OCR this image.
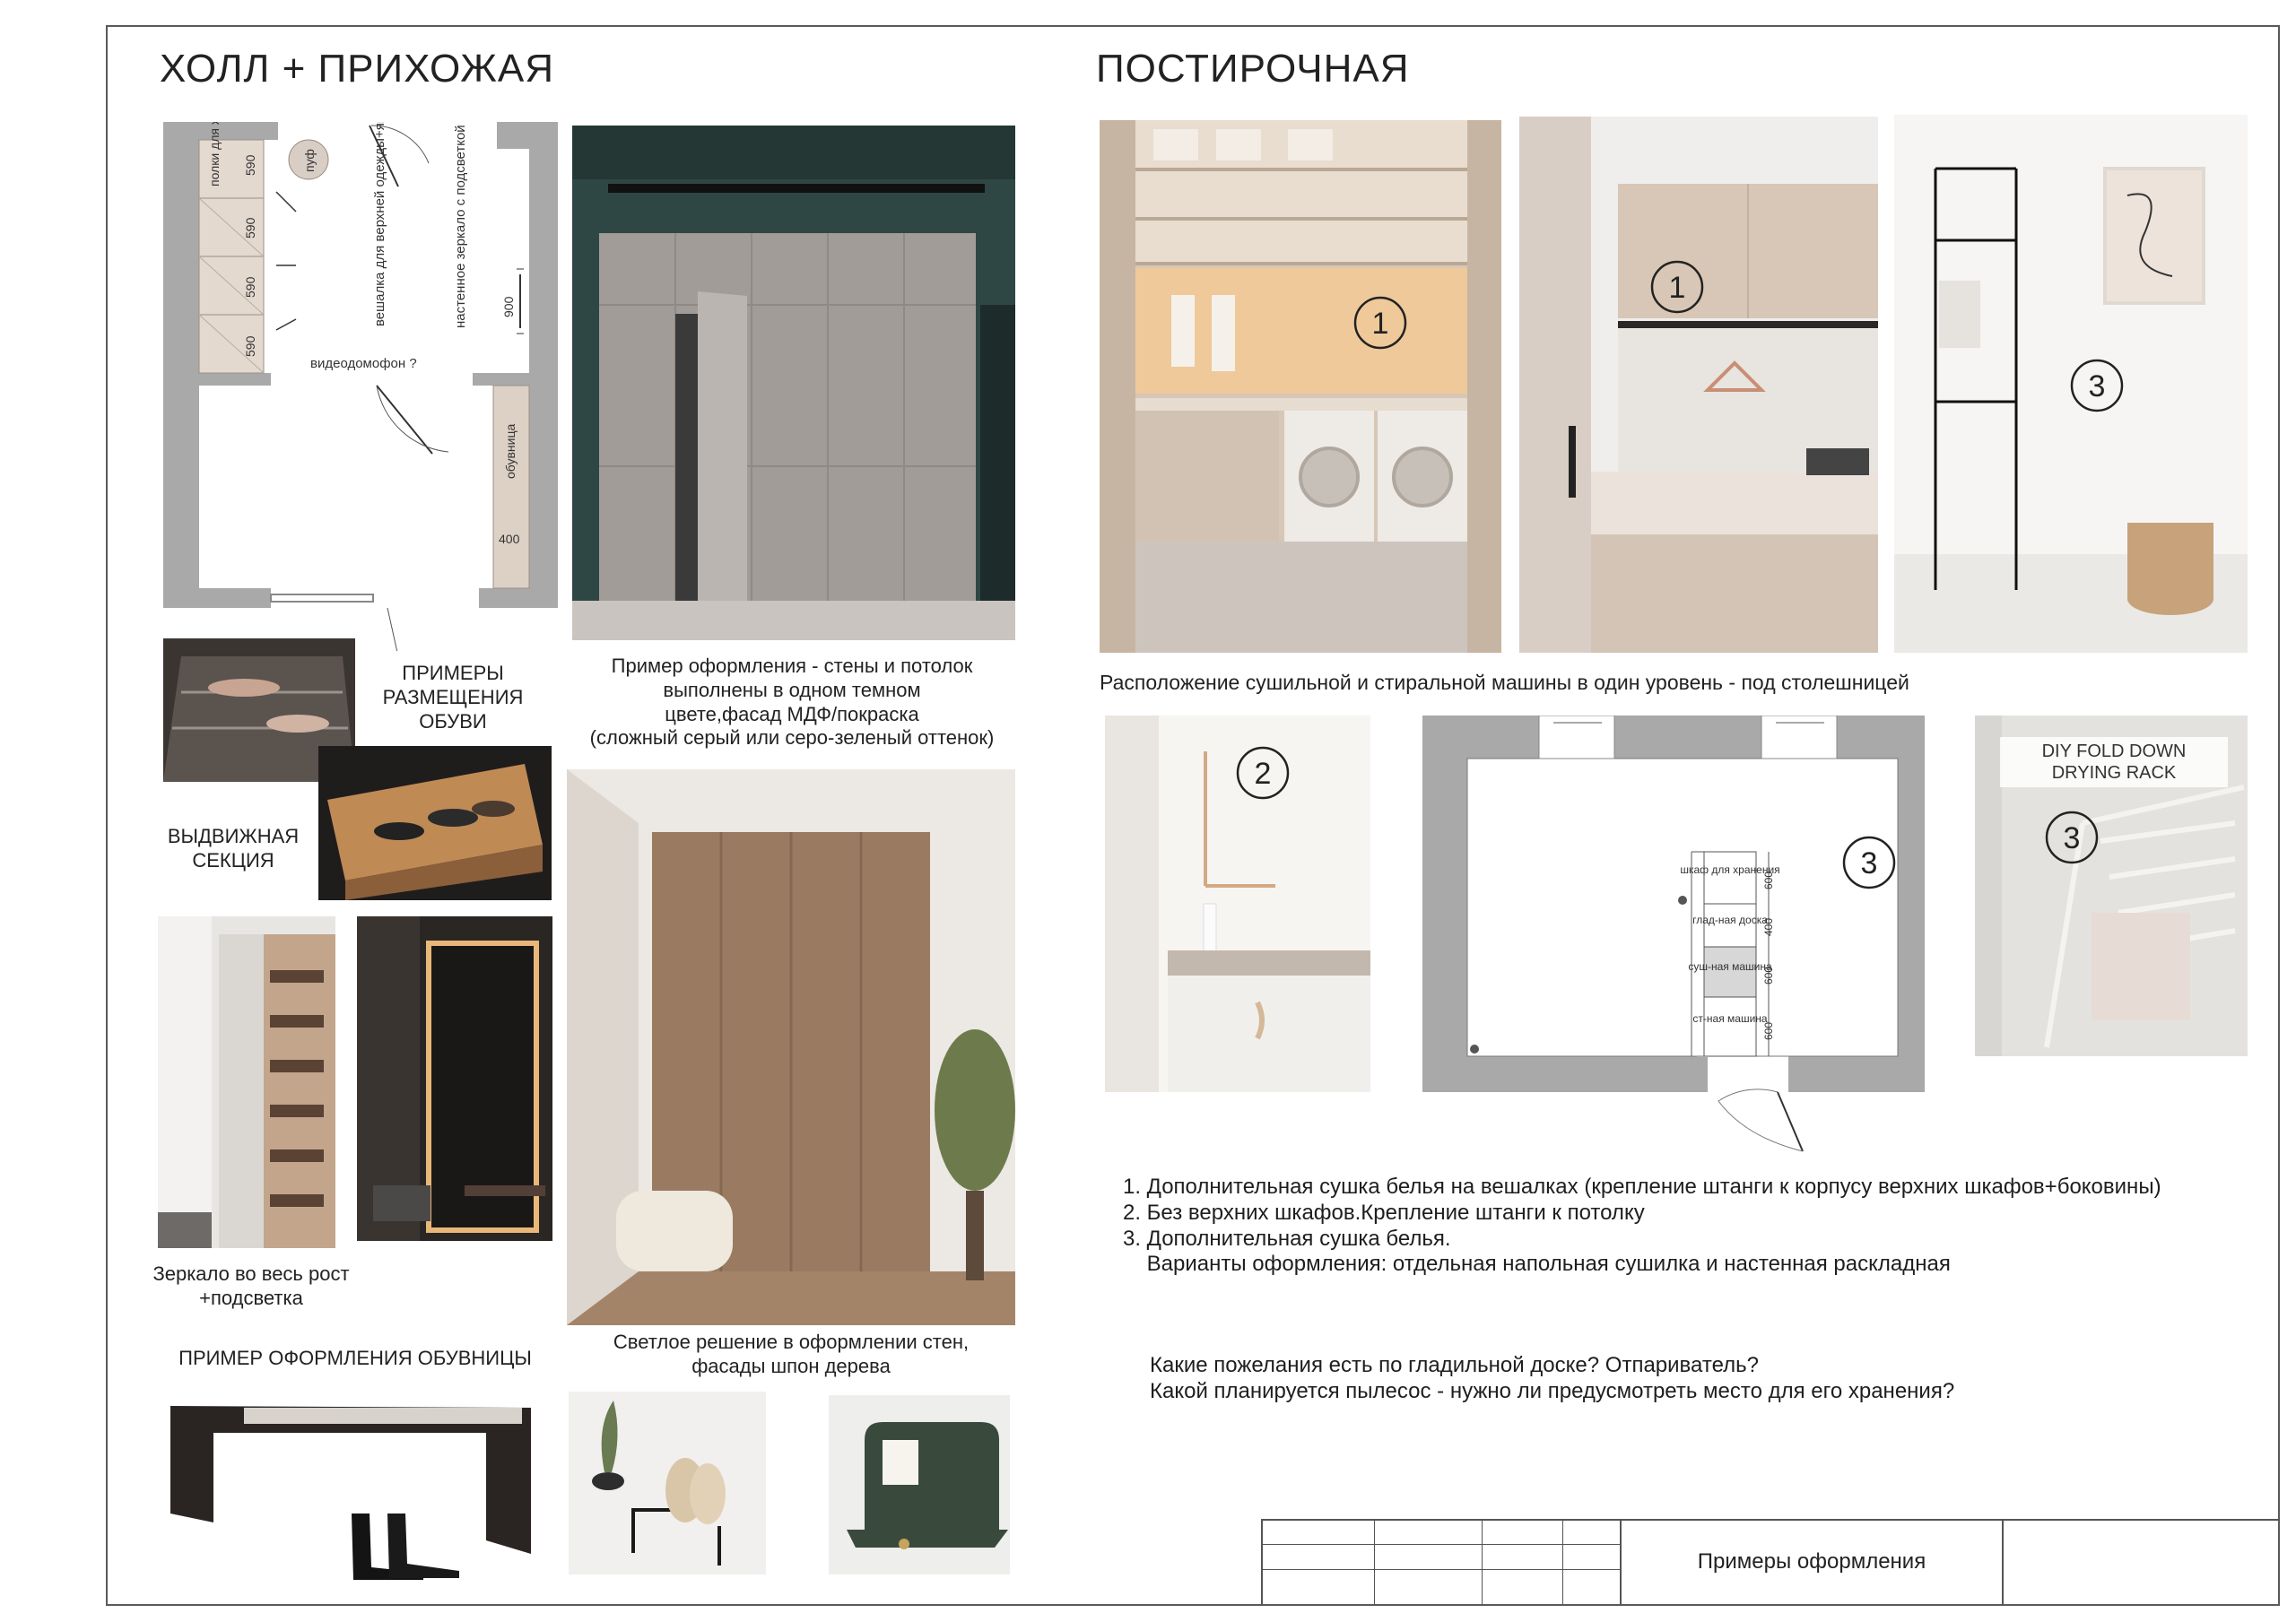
ХОЛЛ + ПРИХОЖАЯ
полки для хр.обуви	пуф
590
590
590
590
вешалка для верхней одежды+ящики	настенное зеркало с подсветкой	900
видеодомофон ?
обувница
400
ПРИМЕРЫ
РАЗМЕЩЕНИЯ
ОБУВИ
ВЫДВИЖНАЯ
СЕКЦИЯ
Пример оформления - стены и потолок
выполнены в одном темном
цвете,фасад МДФ/покраска
(сложный серый или серо-зеленый оттенок)
Зеркало во весь рост
+подсветка
Светлое решение в оформлении стен,
фасады шпон дерева
ПРИМЕР ОФОРМЛЕНИЯ ОБУВНИЦЫ
ПОСТИРОЧНАЯ
1
1
3
Расположение сушильной и стиральной машины в один уровень - под столешницей
2
шкаф для хранения
600
глад-ная доска
400
суш-ная машина
600
ст-ная машина
600
3
3
DIY FOLD DOWN
DRYING RACK
1. Дополнительная сушка белья на вешалках (крепление штанги к корпусу верхних шкафов+боковины)
2. Без верхних шкафов.Крепление штанги к потолку
3. Дополнительная сушка белья.
Варианты оформления: отдельная напольная сушилка и настенная раскладная
Какие пожелания есть по гладильной доске? Отпариватель?
Какой планируется пылесос - нужно ли предусмотреть место для его хранения?
Примеры оформления
